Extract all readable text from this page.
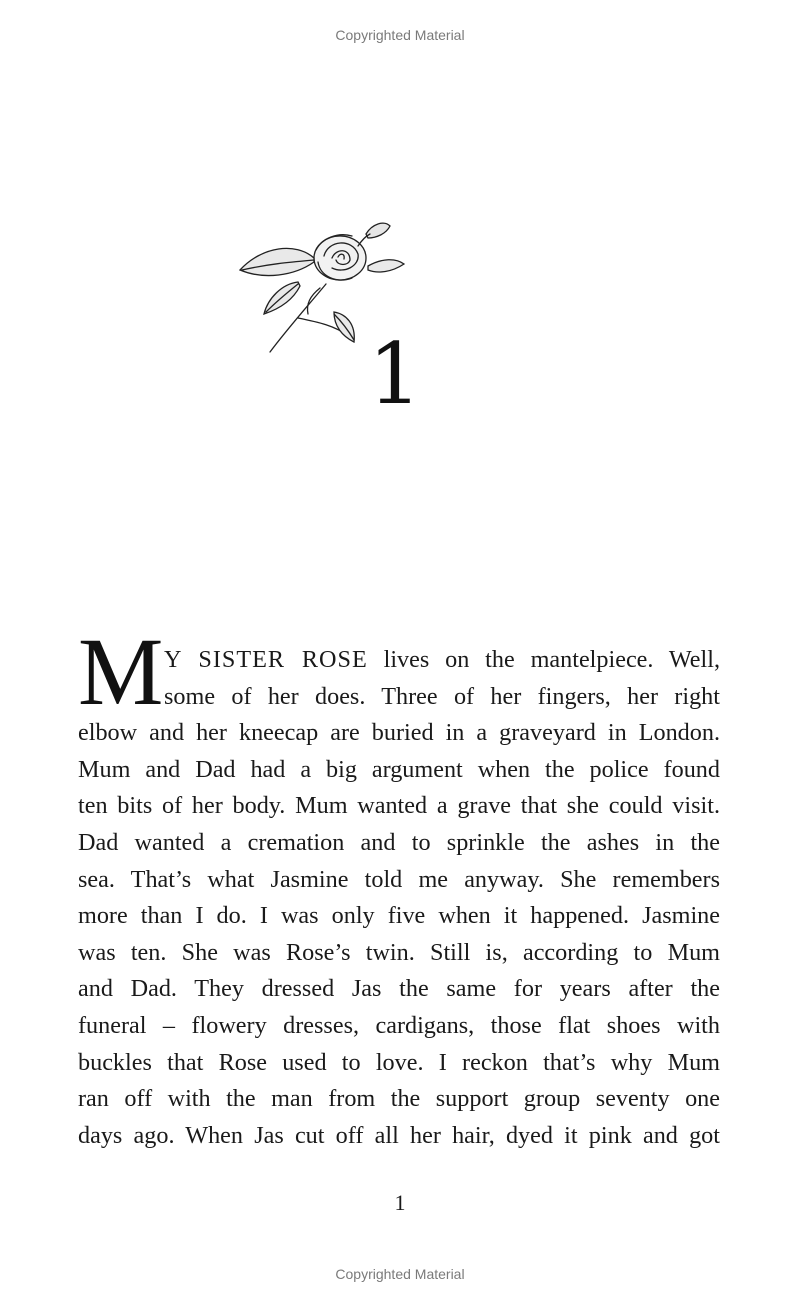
Copyrighted Material
1
M Y SISTER ROSE lives on the mantelpiece. Well,
some of her does. Three of her fingers, her right
elbow and her kneecap are buried in a graveyard in London.
Mum and Dad had a big argument when the police found
ten bits of her body. Mum wanted a grave that she could visit.
Dad wanted a cremation and to sprinkle the ashes in the
sea. That’s what Jasmine told me anyway. She remembers
more than I do. I was only five when it happened. Jasmine
was ten. She was Rose’s twin. Still is, according to Mum
and Dad. They dressed Jas the same for years after the
funeral – flowery dresses, cardigans, those flat shoes with
buckles that Rose used to love. I reckon that’s why Mum
ran off with the man from the support group seventy one
days ago. When Jas cut off all her hair, dyed it pink and got
1
Copyrighted Material
